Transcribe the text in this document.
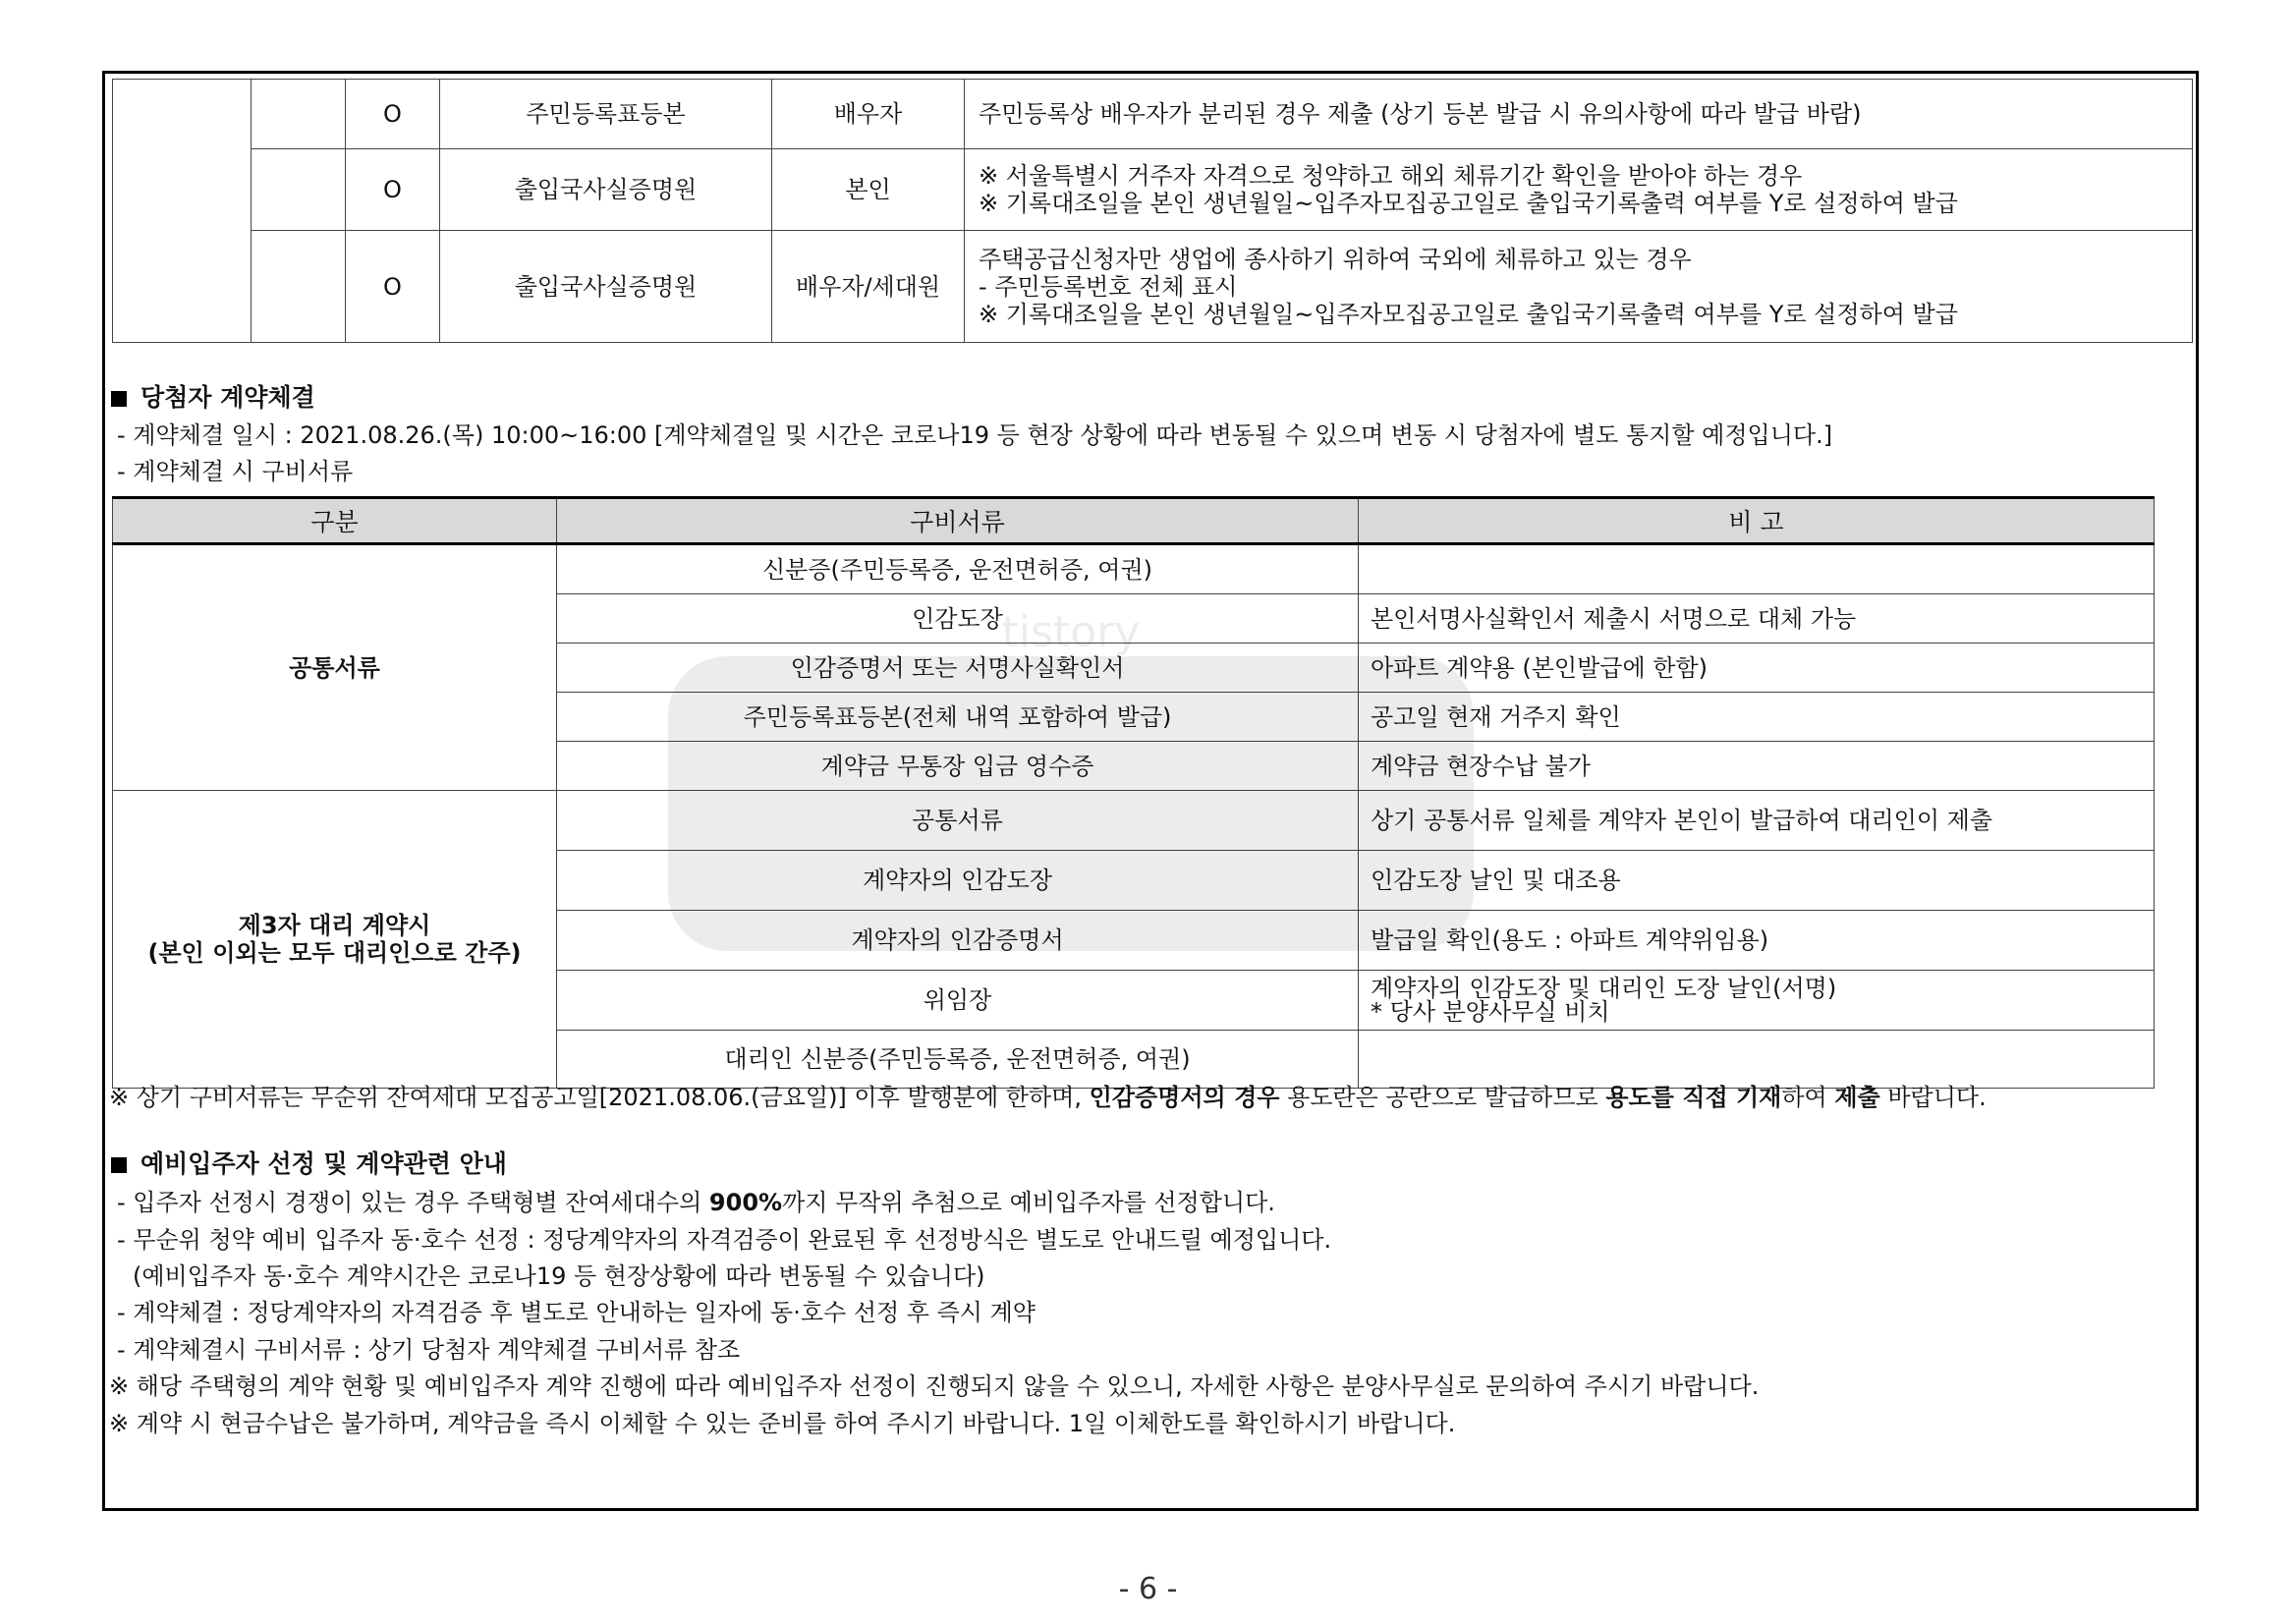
		O	주민등록표등본	배우자	주민등록상 배우자가 분리된 경우 제출 (상기 등본 발급 시 유의사항에 따라 발급 바람)
		O	출입국사실증명원	본인	※ 서울특별시 거주자 자격으로 청약하고 해외 체류기간 확인을 받아야 하는 경우
※ 기록대조일을 본인 생년월일~입주자모집공고일로 출입국기록출력 여부를 Y로 설정하여 발급

		O	출입국사실증명원	배우자/세대원	주택공급신청자만 생업에 종사하기 위하여 국외에 체류하고 있는 경우
- 주민등록번호 전체 표시
※ 기록대조일을 본인 생년월일~입주자모집공고일로 출입국기록출력 여부를 Y로 설정하여 발급
당첨자 계약체결
- 계약체결 일시 : 2021.08.26.(목) 10:00~16:00 [계약체결일 및 시간은 코로나19 등 현장 상황에 따라 변동될 수 있으며 변동 시 당첨자에 별도 통지할 예정입니다.]
- 계약체결 시 구비서류
구분	구비서류	비 고
공통서류	신분증(주민등록증, 운전면허증, 여권)	
	인감도장	본인서명사실확인서 제출시 서명으로 대체 가능
	인감증명서 또는 서명사실확인서	아파트 계약용 (본인발급에 한함)
	주민등록표등본(전체 내역 포함하여 발급)	공고일 현재 거주지 확인
	계약금 무통장 입금 영수증	계약금 현장수납 불가

제3자 대리 계약시
(본인 이외는 모두 대리인으로 간주)	공통서류	상기 공통서류 일체를 계약자 본인이 발급하여 대리인이 제출
	계약자의 인감도장	인감도장 날인 및 대조용
	계약자의 인감증명서	발급일 확인(용도 : 아파트 계약위임용)
	위임장	계약자의 인감도장 및 대리인 도장 날인(서명)
* 당사 분양사무실 비치

	대리인 신분증(주민등록증, 운전면허증, 여권)	
※ 상기 구비서류는 무순위 잔여세대 모집공고일[2021.08.06.(금요일)] 이후 발행분에 한하며, 인감증명서의 경우 용도란은 공란으로 발급하므로 용도를 직접 기재하여 제출 바랍니다.
예비입주자 선정 및 계약관련 안내
- 입주자 선정시 경쟁이 있는 경우 주택형별 잔여세대수의 900%까지 무작위 추첨으로 예비입주자를 선정합니다.
- 무순위 청약 예비 입주자 동·호수 선정 : 정당계약자의 자격검증이 완료된 후 선정방식은 별도로 안내드릴 예정입니다.
(예비입주자 동·호수 계약시간은 코로나19 등 현장상황에 따라 변동될 수 있습니다)
- 계약체결 : 정당계약자의 자격검증 후 별도로 안내하는 일자에 동·호수 선정 후 즉시 계약
- 계약체결시 구비서류 : 상기 당첨자 계약체결 구비서류 참조
※ 해당 주택형의 계약 현황 및 예비입주자 계약 진행에 따라 예비입주자 선정이 진행되지 않을 수 있으니, 자세한 사항은 분양사무실로 문의하여 주시기 바랍니다.
※ 계약 시 현금수납은 불가하며, 계약금을 즉시 이체할 수 있는 준비를 하여 주시기 바랍니다. 1일 이체한도를 확인하시기 바랍니다.
tistory
- 6 -
